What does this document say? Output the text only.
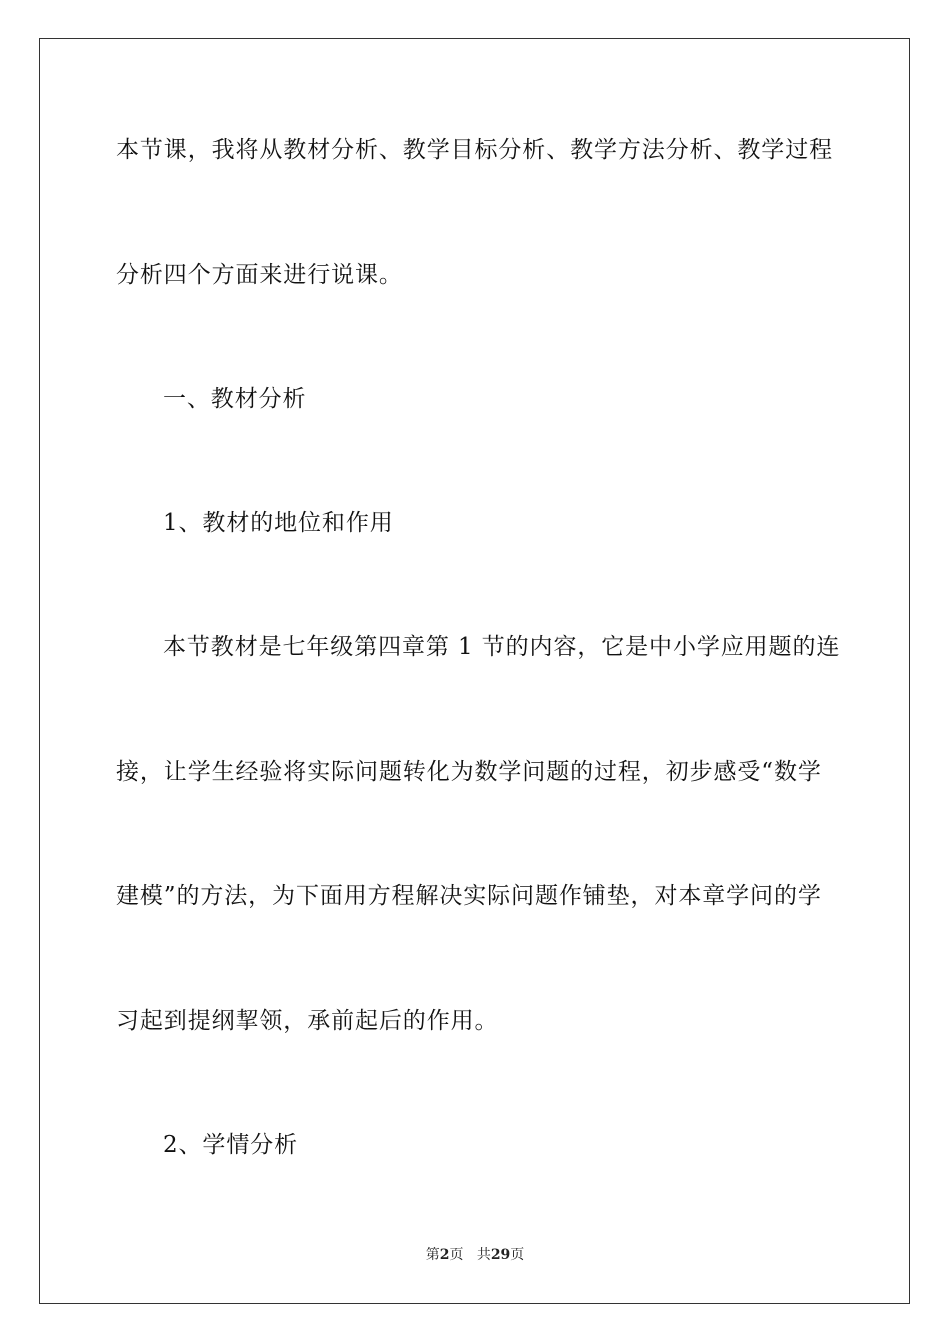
本节课，我将从教材分析、教学目标分析、教学方法分析、教学过程
分析四个方面来进行说课。
一、教材分析
1、教材的地位和作用
本节教材是七年级第四章第 1 节的内容，它是中小学应用题的连
接，让学生经验将实际问题转化为数学问题的过程，初步感受“数学
建模”的方法，为下面用方程解决实际问题作铺垫，对本章学问的学
习起到提纲挈领，承前起后的作用。
2、学情分析
第2页 共29页
